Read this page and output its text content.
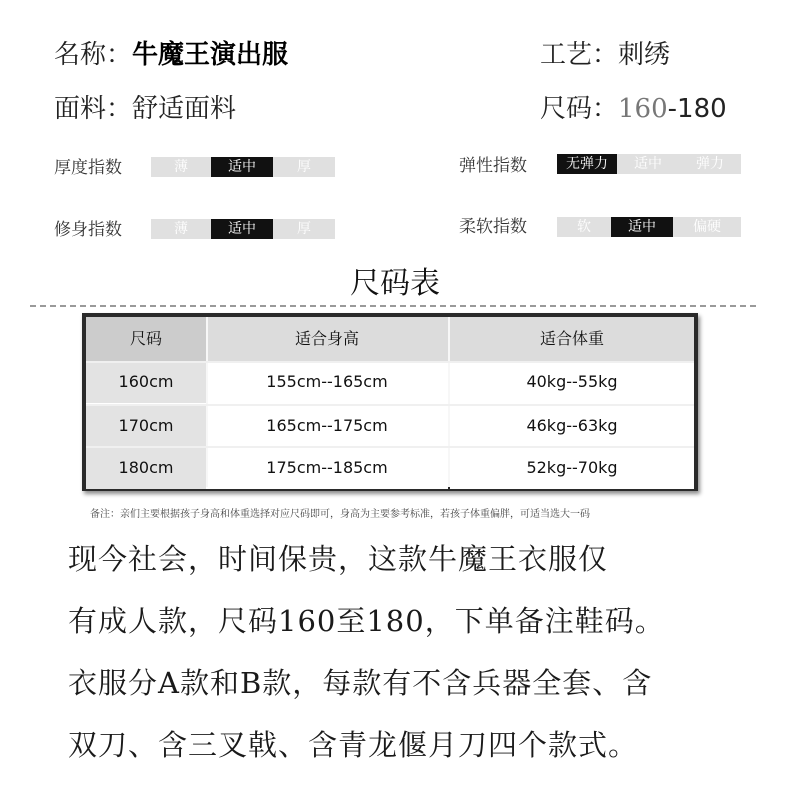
名称：牛魔王演出服	工艺：刺绣
面料：舒适面料	尺码：160-180
厚度指数	薄	适中	厚	弹性指数	无弹力	适中	弹力
修身指数	薄	适中	厚	柔软指数	软	适中	偏硬
尺码表
尺码	适合身高	适合体重
160cm	155cm--165cm	40kg--55kg
170cm	165cm--175cm	46kg--63kg
180cm	175cm--185cm	52kg--70kg
备注：亲们主要根据孩子身高和体重选择对应尺码即可，身高为主要参考标准，若孩子体重偏胖，可适当选大一码
现今社会，时间保贵，这款牛魔王衣服仅
有成人款，尺码160至180，下单备注鞋码。
衣服分A款和B款，每款有不含兵器全套、含
双刀、含三叉戟、含青龙偃月刀四个款式。
